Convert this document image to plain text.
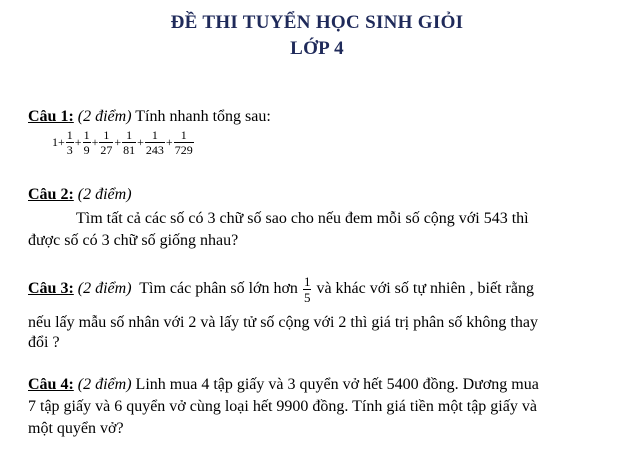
ĐỀ THI TUYỂN HỌC SINH GIỎI
LỚP 4
Câu 1: (2 điểm) Tính nhanh tổng sau:
$1+ \frac{1}{3} + \frac{1}{9} + \frac{1}{27} + \frac{1}{81} + \frac{1}{243} + \frac{1}{729}$
Câu 2: (2 điểm)
Tìm tất cả các số có 3 chữ số sao cho nếu đem mỗi số cộng với 543 thì
được số có 3 chữ số giống nhau?
Câu 3: (2 điểm) Tìm các phân số lớn hơn $\frac{1}{5}$ và khác với số tự nhiên , biết rằng
nếu lấy mẫu số nhân với 2 và lấy tử số cộng với 2 thì giá trị phân số không thay
đổi ?
Câu 4: (2 điểm) Linh mua 4 tập giấy và 3 quyển vở hết 5400 đồng. Dương mua
7 tập giấy và 6 quyển vở cùng loại hết 9900 đồng. Tính giá tiền một tập giấy và
một quyển vở?
